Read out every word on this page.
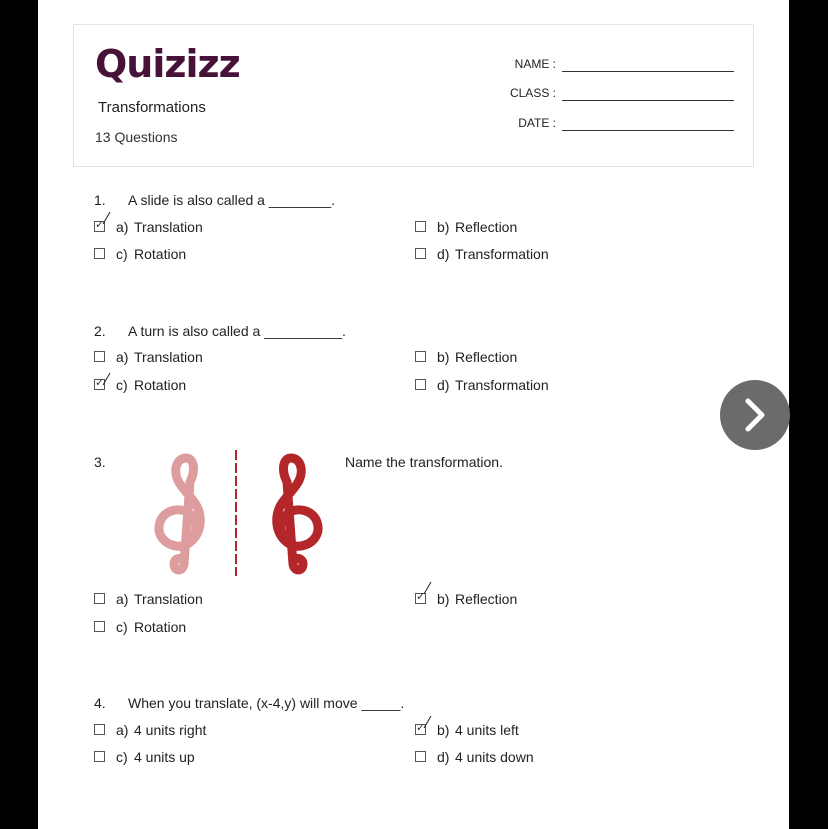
Quizizz
Transformations
13 Questions
NAME :
CLASS :
DATE :
1. A slide is also called a ________.
✓
a) Translation	b) Reflection
c) Rotation	d) Transformation
2. A turn is also called a __________.
a) Translation	b) Reflection
✓
c) Rotation	d) Transformation
3.	Name the transformation.
a) Translation ✓	b) Reflection
c) Rotation
4. When you translate, (x-4,y) will move _____.
a) 4 units right ✓	b) 4 units left
c) 4 units up	d) 4 units down
